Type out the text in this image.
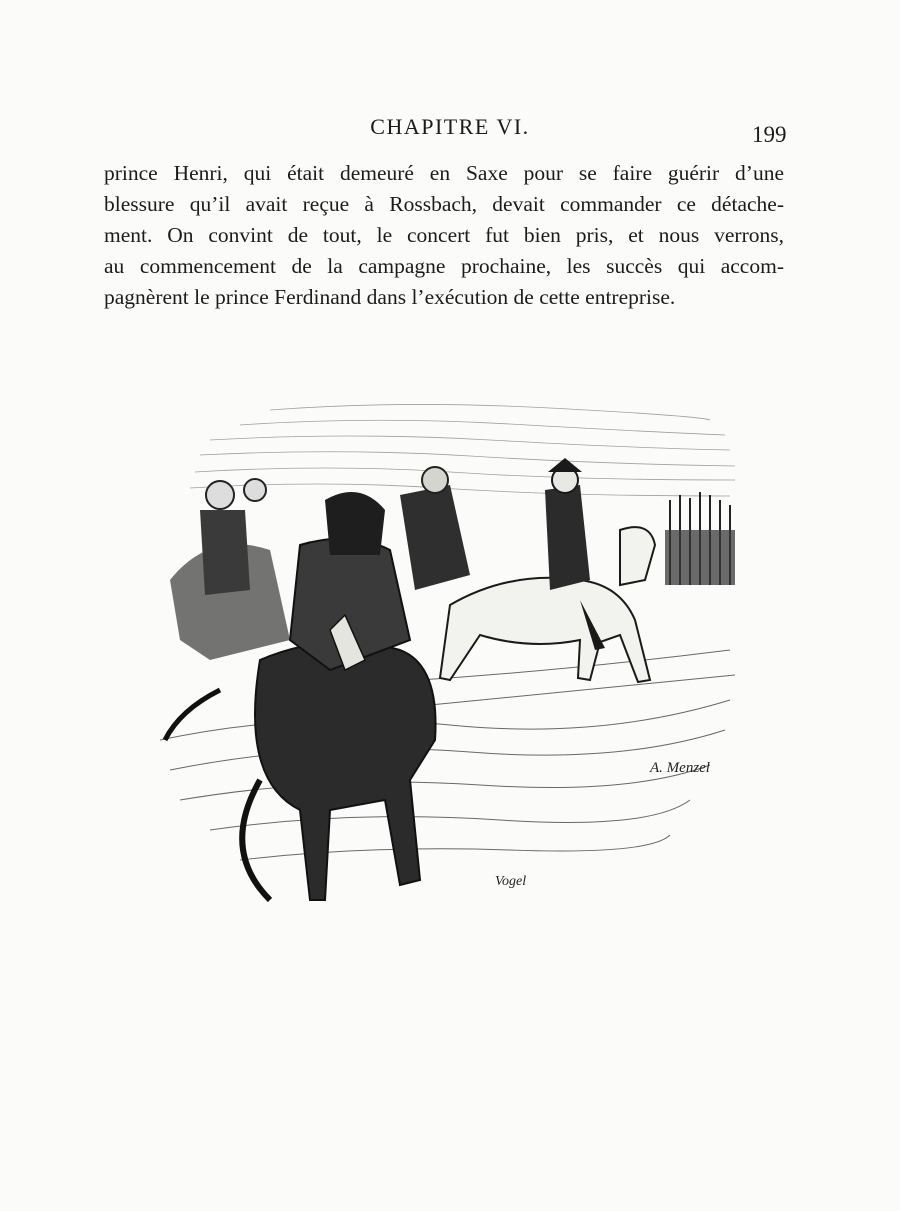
CHAPITRE VI.	199
prince Henri, qui était demeuré en Saxe pour se faire guérir d’une
blessure qu’il avait reçue à Rossbach, devait commander ce détache-
ment. On convint de tout, le concert fut bien pris, et nous verrons,
au commencement de la campagne prochaine, les succès qui accom-
pagnèrent le prince Ferdinand dans l’exécution de cette entreprise.
A. Menzel
Vogel
